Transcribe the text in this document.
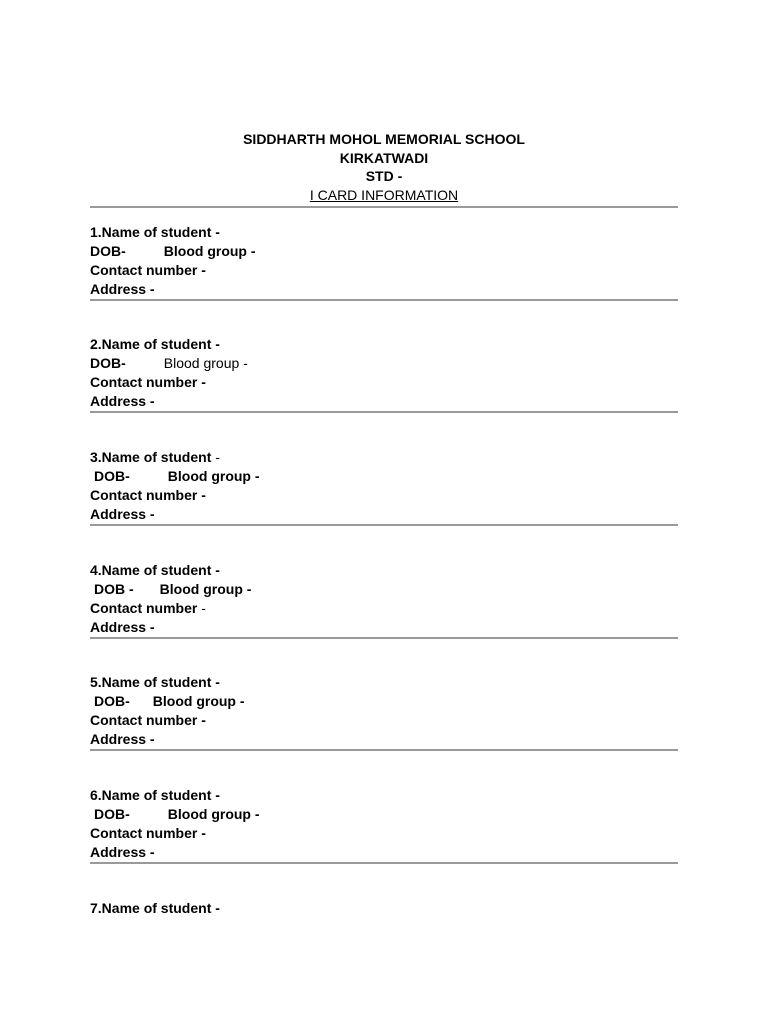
SIDDHARTH MOHOL MEMORIAL SCHOOL
KIRKATWADI
STD -
I CARD INFORMATION
1.Name of student -
DOB-	Blood group -
Contact number -
Address -
2.Name of student -
DOB-	Blood group -
Contact number -
Address -
3.Name of student -
DOB-	Blood group -
Contact number -
Address -
4.Name of student -
DOB - Blood group -
Contact number -
Address -
5.Name of student -
DOB- Blood group -
Contact number -
Address -
6.Name of student -
DOB-	Blood group -
Contact number -
Address -
7.Name of student -
